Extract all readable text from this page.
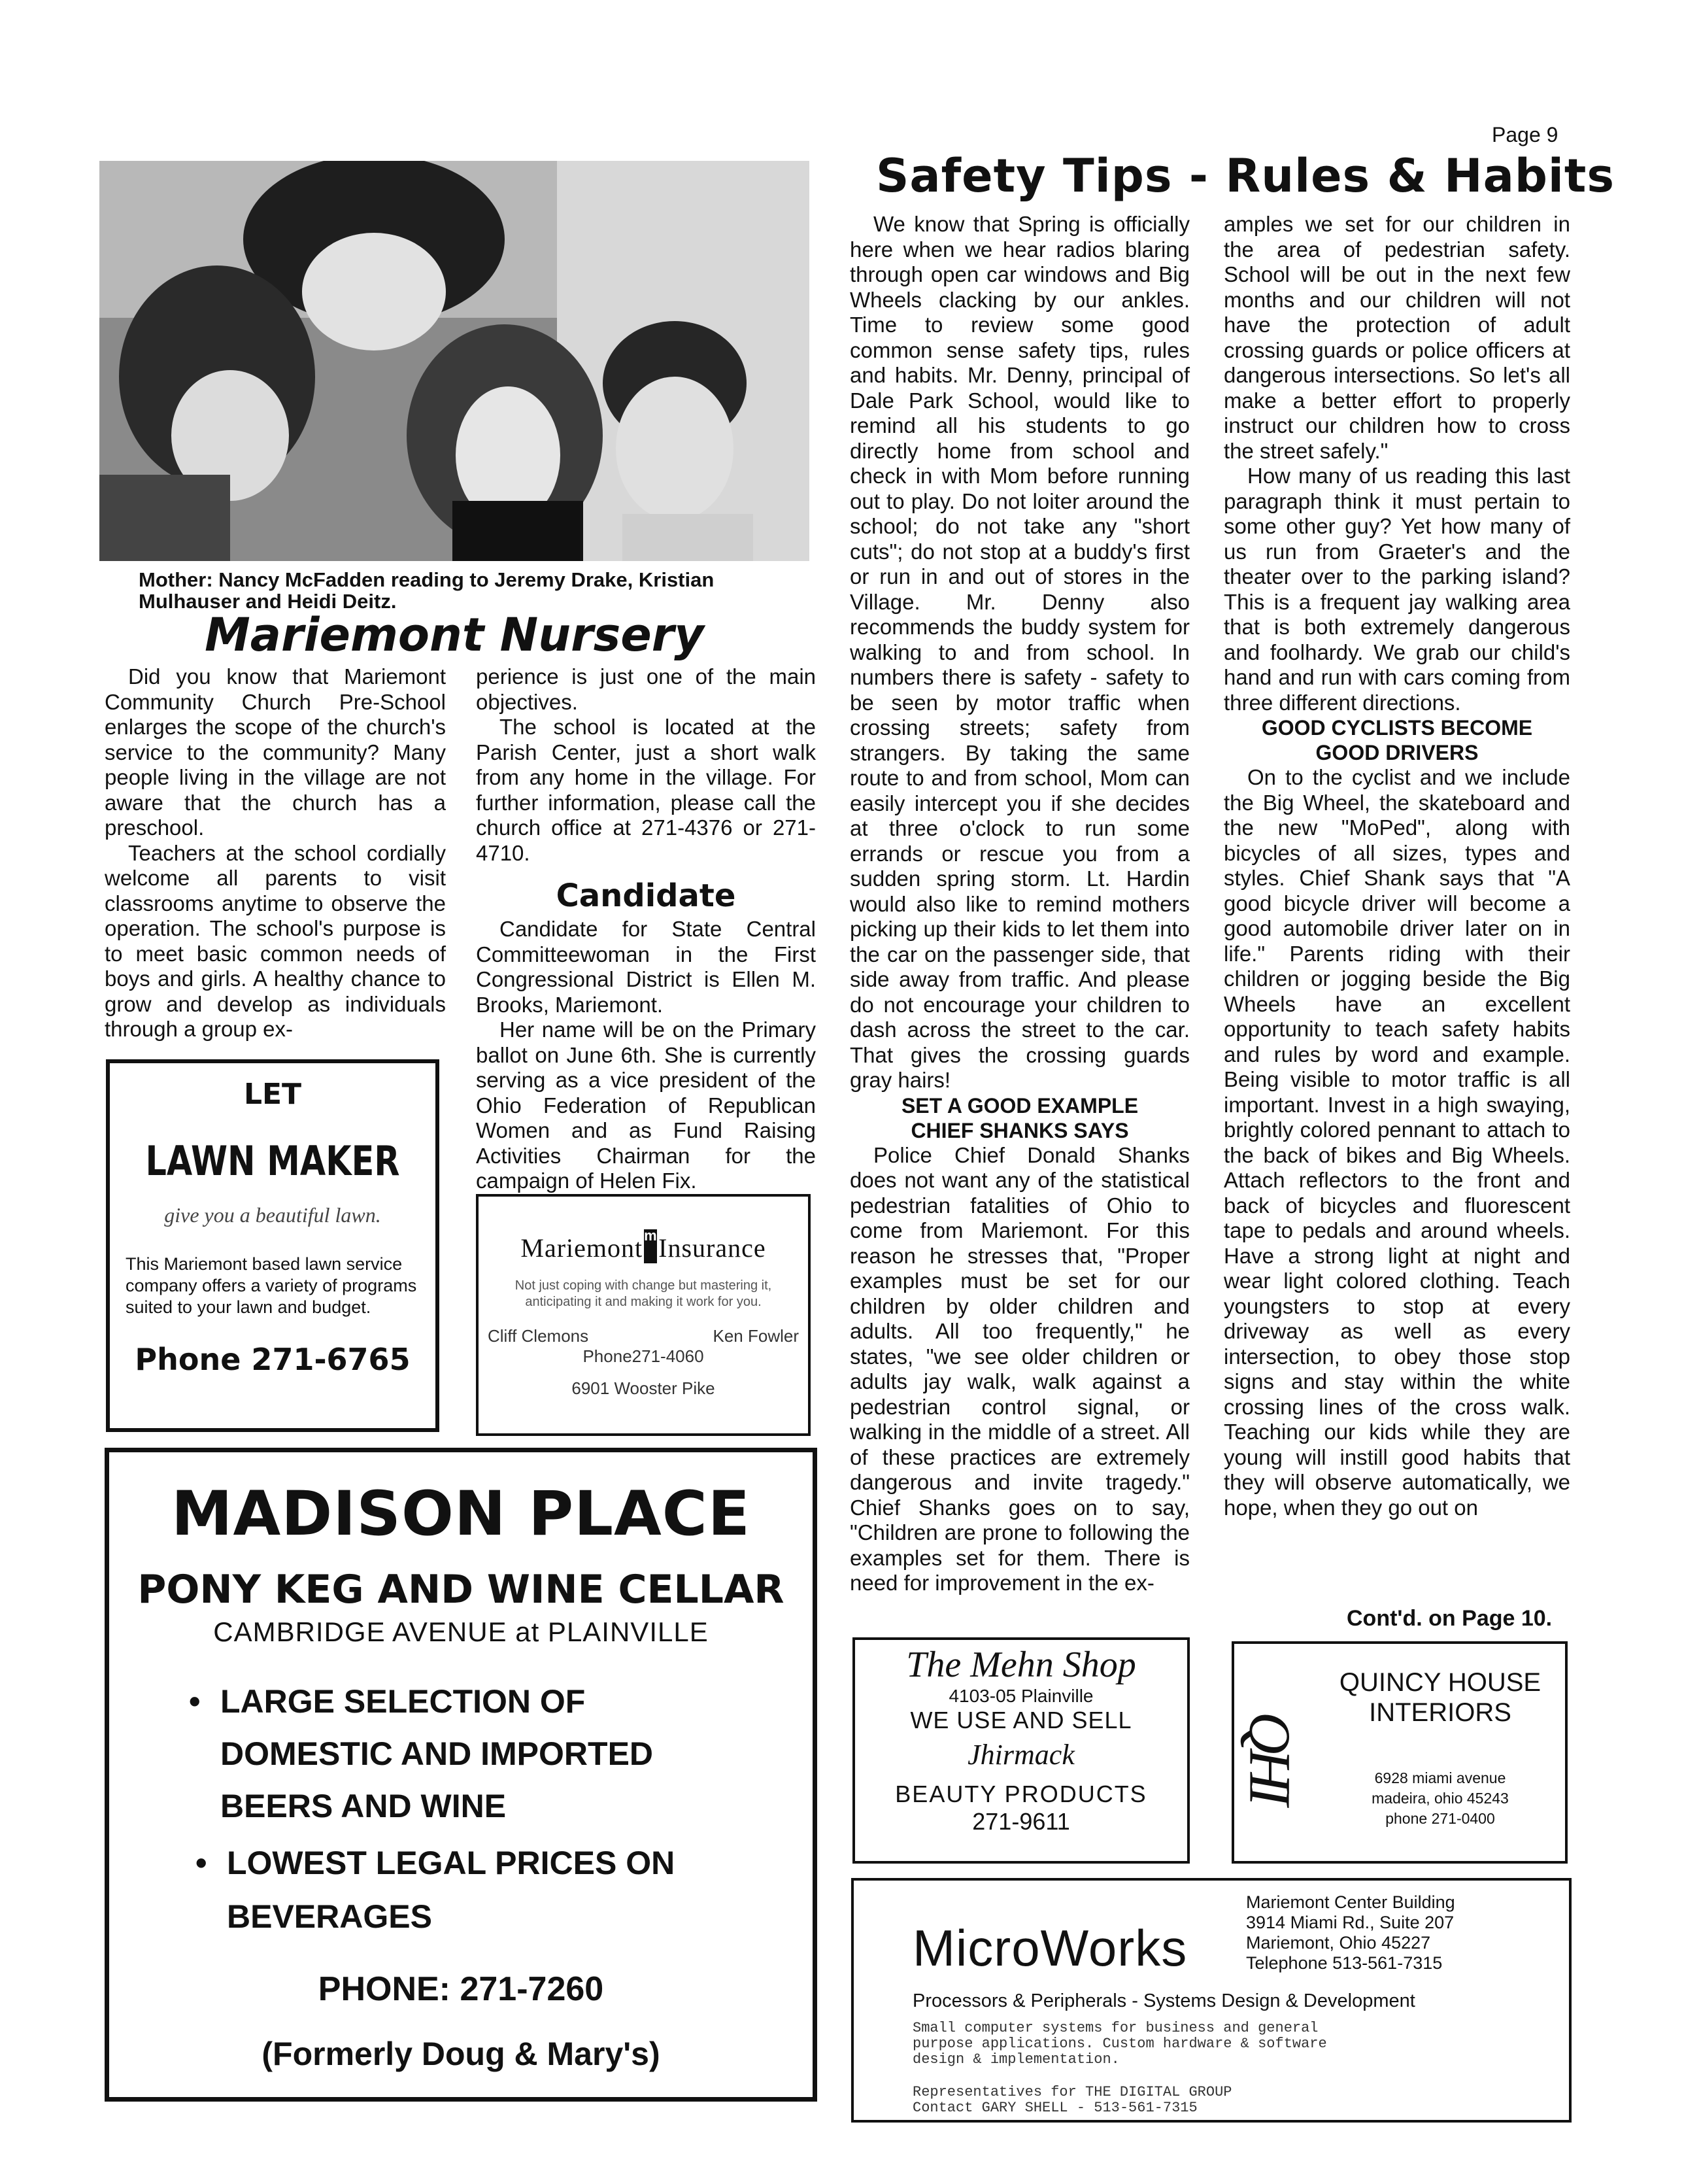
Page 9
Safety Tips - Rules & Habits
Mother: Nancy McFadden reading to Jeremy Drake, Kristian Mulhauser and Heidi Deitz.
Mariemont Nursery

Did you know that Mariemont Community Church Pre-School enlarges the scope of the church's service to the community? Many people living in the village are not aware that the church has a preschool.

Teachers at the school cordially welcome all parents to visit classrooms anytime to observe the operation. The school's purpose is to meet basic common needs of boys and girls. A healthy chance to grow and develop as individuals through a group ex-

perience is just one of the main objectives.

The school is located at the Parish Center, just a short walk from any home in the village. For further information, please call the church office at 271-4376 or 271-4710.

Candidate

Candidate for State Central Committeewoman in the First Congressional District is Ellen M. Brooks, Mariemont.

Her name will be on the Primary ballot on June 6th. She is currently serving as a vice president of the Ohio Federation of Republican Women and as Fund Raising Activities Chairman for the campaign of Helen Fix.

LET
LAWN MAKER
give you a beautiful lawn.
This Mariemont based lawn service company offers a variety of programs suited to your lawn and budget.
Phone 271-6765
MariemontmInsurance
Not just coping with change but mastering it, anticipating it and making it work for you.
Cliff Clemons	Ken Fowler
Phone271-4060
6901 Wooster Pike
MADISON PLACE
PONY KEG AND WINE CELLAR
CAMBRIDGE AVENUE at PLAINVILLE
• LARGE SELECTION OF
DOMESTIC AND IMPORTED
BEERS AND WINE
• LOWEST LEGAL PRICES ON
BEVERAGES
PHONE: 271-7260
(Formerly Doug & Mary's)

We know that Spring is officially here when we hear radios blaring through open car windows and Big Wheels clacking by our ankles. Time to review some good common sense safety tips, rules and habits. Mr. Denny, principal of Dale Park School, would like to remind all his students to go directly home from school and check in with Mom before running out to play. Do not loiter around the school; do not take any "short cuts"; do not stop at a buddy's first or run in and out of stores in the Village. Mr. Denny also recommends the buddy system for walking to and from school. In numbers there is safety - safety to be seen by motor traffic when crossing streets; safety from strangers. By taking the same route to and from school, Mom can easily intercept you if she decides at three o'clock to run some errands or rescue you from a sudden spring storm. Lt. Hardin would also like to remind mothers picking up their kids to let them into the car on the passenger side, that side away from traffic. And please do not encourage your children to dash across the street to the car. That gives the crossing guards gray hairs!

SET A GOOD EXAMPLE

CHIEF SHANKS SAYS

Police Chief Donald Shanks does not want any of the statistical pedestrian fatalities of Ohio to come from Mariemont. For this reason he stresses that, "Proper examples must be set for our children by older children and adults. All too frequently," he states, "we see older children or adults jay walk, walk against a pedestrian control signal, or walking in the middle of a street. All of these practices are extremely dangerous and invite tragedy." Chief Shanks goes on to say, "Children are prone to following the examples set for them. There is need for improvement in the ex-

amples we set for our children in the area of pedestrian safety. School will be out in the next few months and our children will not have the protection of adult crossing guards or police officers at dangerous intersections. So let's all make a better effort to properly instruct our children how to cross the street safely."

How many of us reading this last paragraph think it must pertain to some other guy? Yet how many of us run from Graeter's and the theater over to the parking island? This is a frequent jay walking area that is both extremely dangerous and foolhardy. We grab our child's hand and run with cars coming from three different directions.

GOOD CYCLISTS BECOME

GOOD DRIVERS

On to the cyclist and we include the Big Wheel, the skateboard and the new "MoPed", along with bicycles of all sizes, types and styles. Chief Shank says that "A good bicycle driver will become a good automobile driver later on in life." Parents riding with their children or jogging beside the Big Wheels have an excellent opportunity to teach safety habits and rules by word and example. Being visible to motor traffic is all important. Invest in a high swaying, brightly colored pennant to attach to the back of bikes and Big Wheels. Attach reflectors to the front and back of bicycles and fluorescent tape to pedals and around wheels. Have a strong light at night and wear light colored clothing. Teach youngsters to stop at every driveway as well as every intersection, to obey those stop signs and stay within the white crossing lines of the cross walk. Teaching our kids while they are young will instill good habits that they will observe automatically, we hope, when they go out on

Cont'd. on Page 10.
The Mehn Shop
4103-05 Plainville
WE USE AND SELL
Jhirmack
BEAUTY PRODUCTS
271-9611
QHI
QUINCY HOUSE
INTERIORS
6928 miami avenue
madeira, ohio 45243
phone 271-0400
MicroWorks
Mariemont Center Building
3914 Miami Rd., Suite 207
Mariemont, Ohio 45227
Telephone 513-561-7315
Processors & Peripherals - Systems Design & Development
Small computer systems for business and general purpose applications. Custom hardware & software design & implementation.
Representatives for THE DIGITAL GROUP
Contact GARY SHELL - 513-561-7315
